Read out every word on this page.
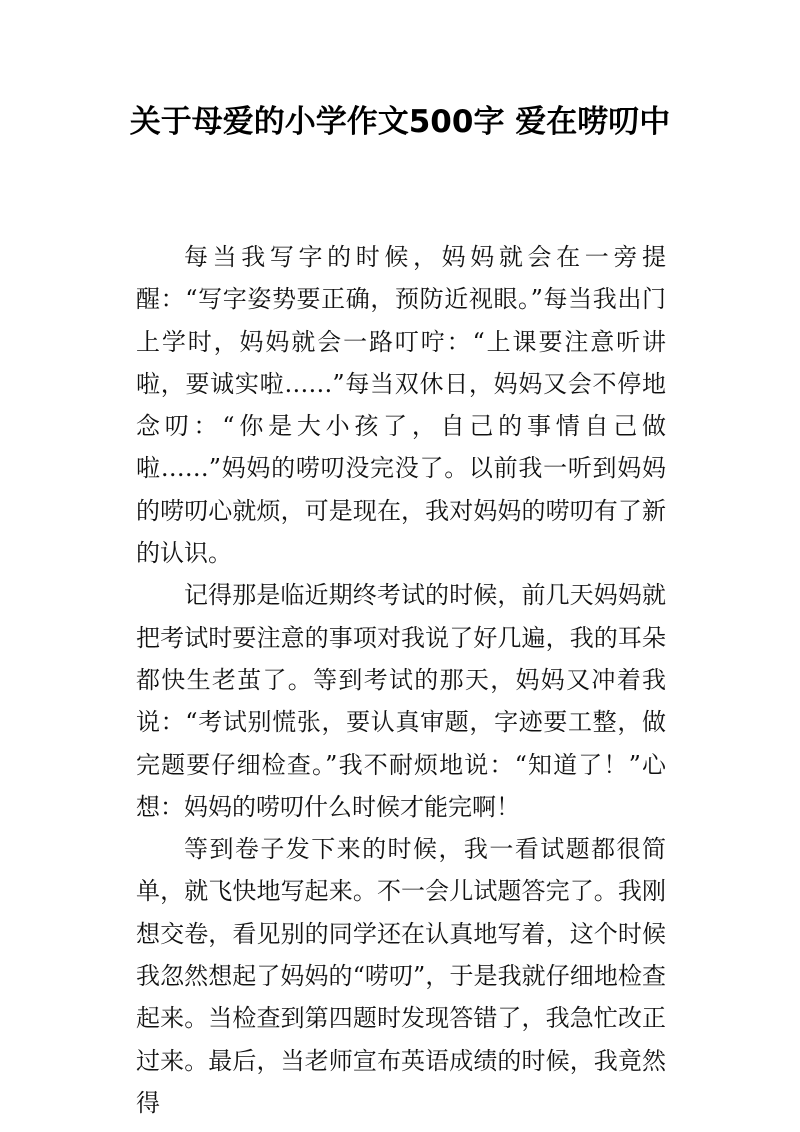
关于母爱的小学作文500字 爱在唠叨中

每当我写字的时候，妈妈就会在一旁提醒：“写字姿势要正确，预防近视眼。”每当我出门上学时，妈妈就会一路叮咛：“上课要注意听讲啦，要诚实啦……”每当双休日，妈妈又会不停地念叨：“你是大小孩了，自己的事情自己做啦……”妈妈的唠叨没完没了。以前我一听到妈妈的唠叨心就烦，可是现在，我对妈妈的唠叨有了新的认识。

记得那是临近期终考试的时候，前几天妈妈就把考试时要注意的事项对我说了好几遍，我的耳朵都快生老茧了。等到考试的那天，妈妈又冲着我说：“考试别慌张，要认真审题，字迹要工整，做完题要仔细检查。”我不耐烦地说：“知道了！”心想：妈妈的唠叨什么时候才能完啊！

等到卷子发下来的时候，我一看试题都很简单，就飞快地写起来。不一会儿试题答完了。我刚想交卷，看见别的同学还在认真地写着，这个时候我忽然想起了妈妈的“唠叨”，于是我就仔细地检查起来。当检查到第四题时发现答错了，我急忙改正过来。最后，当老师宣布英语成绩的时候，我竟然得
